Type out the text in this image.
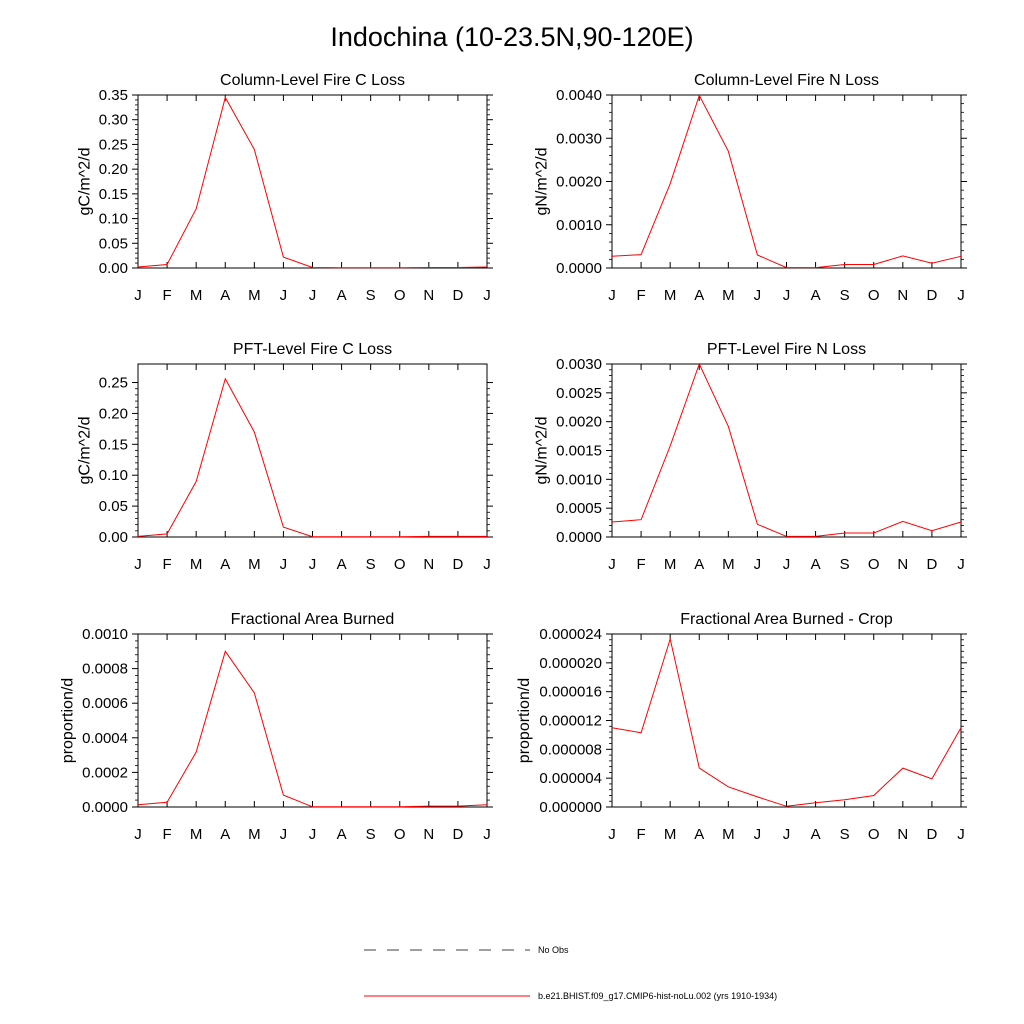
Indochina (10-23.5N,90-120E)
Column-Level Fire C Loss
J F M A M J J A S O N D J
0.00
0.05
0.10
0.15
0.20
0.25
0.30
0.35
gC/m^2/d
Column-Level Fire N Loss
J F M A M J J A S O N D J
0.0000
0.0010
0.0020
0.0030
0.0040
gN/m^2/d
PFT-Level Fire C Loss
J F M A M J J A S O N D J
0.00
0.05
0.10
0.15
0.20
0.25
gC/m^2/d
PFT-Level Fire N Loss
J F M A M J J A S O N D J
0.0000
0.0005
0.0010
0.0015
0.0020
0.0025
0.0030
gN/m^2/d
Fractional Area Burned
J F M A M J J A S O N D J
0.0000
0.0002
0.0004
0.0006
0.0008
0.0010
proportion/d
Fractional Area Burned - Crop
J F M A M J J A S O N D J
0.000000
0.000004
0.000008
0.000012
0.000016
0.000020
0.000024
proportion/d
No Obs
b.e21.BHIST.f09_g17.CMIP6-hist-noLu.002 (yrs 1910-1934)
